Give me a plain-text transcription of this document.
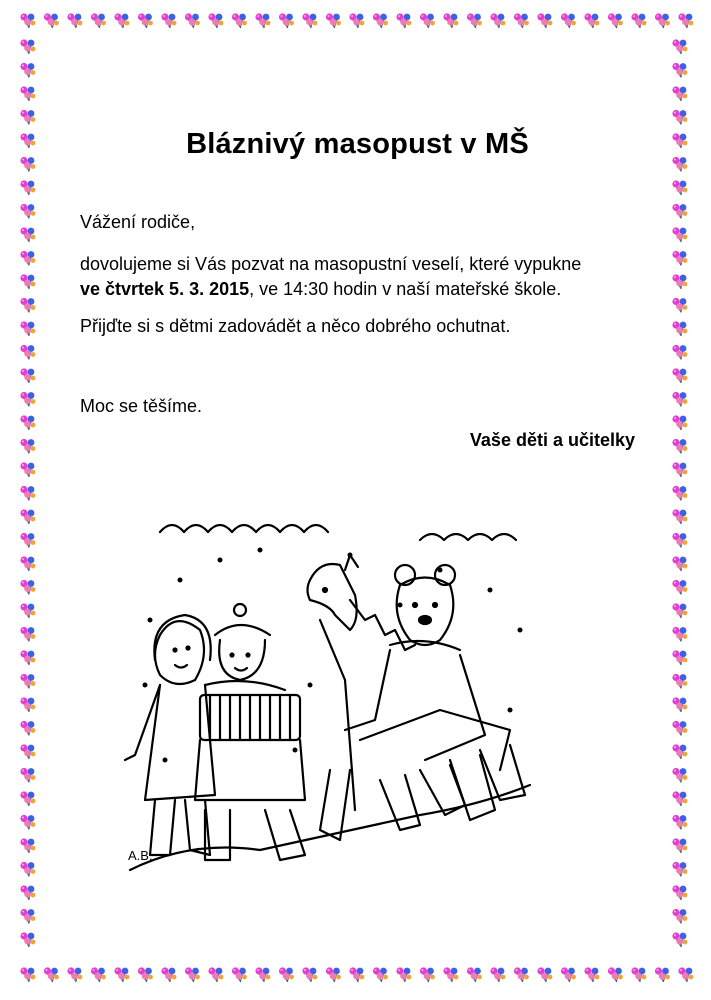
Bláznivý masopust v MŠ

Vážení rodiče,

dovolujeme si Vás pozvat na masopustní veselí, které vypukne
ve čtvrtek 5. 3. 2015, ve 14:30 hodin v naší mateřské škole.

Přijďte si s dětmi zadovádět a něco dobrého ochutnat.

Moc se těšíme.

Vaše děti a učitelky

A.B.
